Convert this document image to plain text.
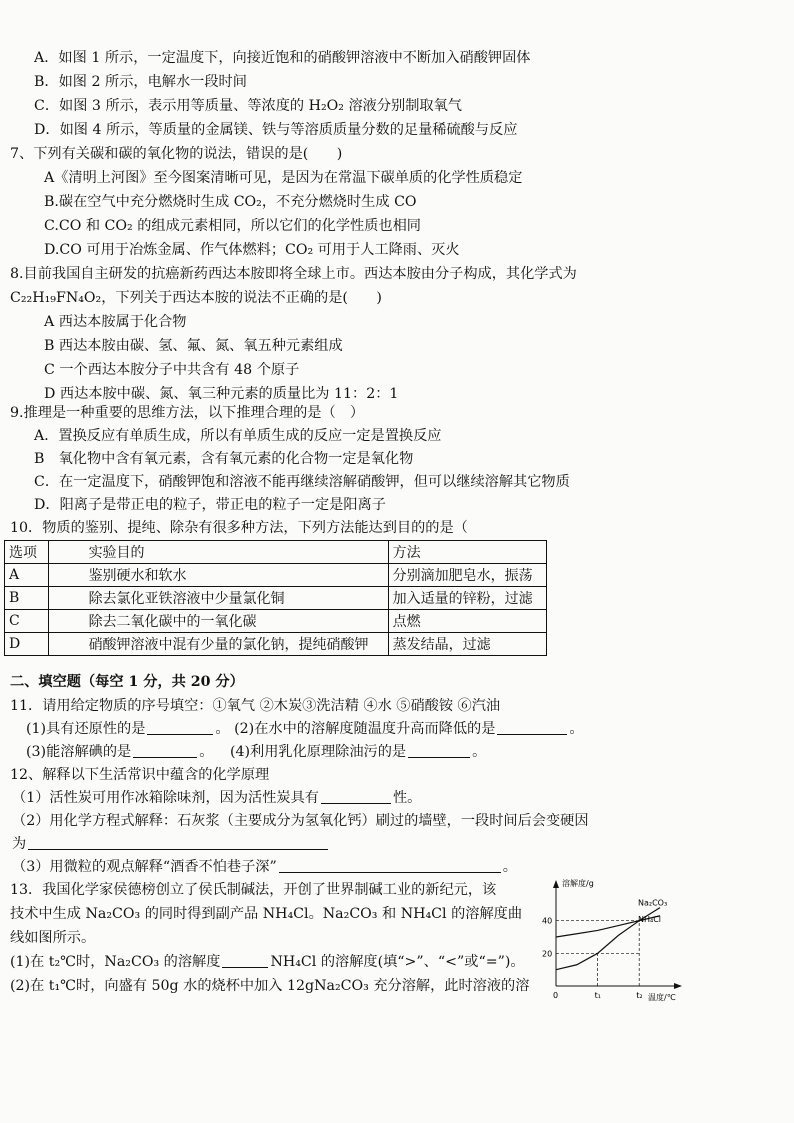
A．如图 1 所示，一定温度下，向接近饱和的硝酸钾溶液中不断加入硝酸钾固体
B．如图 2 所示，电解水一段时间
C．如图 3 所示，表示用等质量、等浓度的 H₂O₂ 溶液分别制取氧气
D．如图 4 所示，等质量的金属镁、铁与等溶质质量分数的足量稀硫酸与反应
7、下列有关碳和碳的氧化物的说法，错误的是(　　)
A《清明上河图》至今图案清晰可见，是因为在常温下碳单质的化学性质稳定
B.碳在空气中充分燃烧时生成 CO₂，不充分燃烧时生成 CO
C.CO 和 CO₂ 的组成元素相同，所以它们的化学性质也相同
D.CO 可用于冶炼金属、作气体燃料；CO₂ 可用于人工降雨、灭火
8.目前我国自主研发的抗癌新药西达本胺即将全球上市。西达本胺由分子构成，其化学式为
C₂₂H₁₉FN₄O₂，下列关于西达本胺的说法不正确的是(　　)
A 西达本胺属于化合物
B 西达本胺由碳、氢、氟、氮、氧五种元素组成
C 一个西达本胺分子中共含有 48 个原子
D 西达本胺中碳、氮、氧三种元素的质量比为 11：2：1
9.推理是一种重要的思维方法，以下推理合理的是（　）
A．置换反应有单质生成，所以有单质生成的反应一定是置换反应
B　氧化物中含有氧元素，含有氧元素的化合物一定是氧化物
C．在一定温度下，硝酸钾饱和溶液不能再继续溶解硝酸钾，但可以继续溶解其它物质
D．阳离子是带正电的粒子，带正电的粒子一定是阳离子
10．物质的鉴别、提纯、除杂有很多种方法，下列方法能达到目的的是（
选项	实验目的	方法
A	鉴别硬水和软水	分别滴加肥皂水，振荡
B	除去氯化亚铁溶液中少量氯化铜	加入适量的锌粉，过滤
C	除去二氧化碳中的一氧化碳	点燃
D	硝酸钾溶液中混有少量的氯化钠，提纯硝酸钾	蒸发结晶，过滤
二、填空题（每空 1 分，共 20 分）
11．请用给定物质的序号填空：①氧气 ②木炭③洗洁精 ④水 ⑤硝酸铵 ⑥汽油
(1)具有还原性的是	。 (2)在水中的溶解度随温度升高而降低的是	。
(3)能溶解碘的是	。 (4)利用乳化原理除油污的是	。
12、解释以下生活常识中蕴含的化学原理
（1）活性炭可用作冰箱除味剂，因为活性炭具有	性。
（2）用化学方程式解释：石灰浆（主要成分为氢氧化钙）刷过的墙壁，一段时间后会变硬因
为
（3）用微粒的观点解释“酒香不怕巷子深”	。
13．我国化学家侯德榜创立了侯氏制碱法，开创了世界制碱工业的新纪元，该
技术中生成 Na₂CO₃ 的同时得到副产品 NH₄Cl。Na₂CO₃ 和 NH₄Cl 的溶解度曲
线如图所示。
(1)在 t₂℃时，Na₂CO₃ 的溶解度	NH₄Cl 的溶解度(填“>”、“<”或“=”)。
(2)在 t₁℃时，向盛有 50g 水的烧杯中加入 12gNa₂CO₃ 充分溶解，此时溶液的溶
溶解度/g
温度/℃
20
40
0	t₁	t₂
Na₂CO₃
NH₄Cl
